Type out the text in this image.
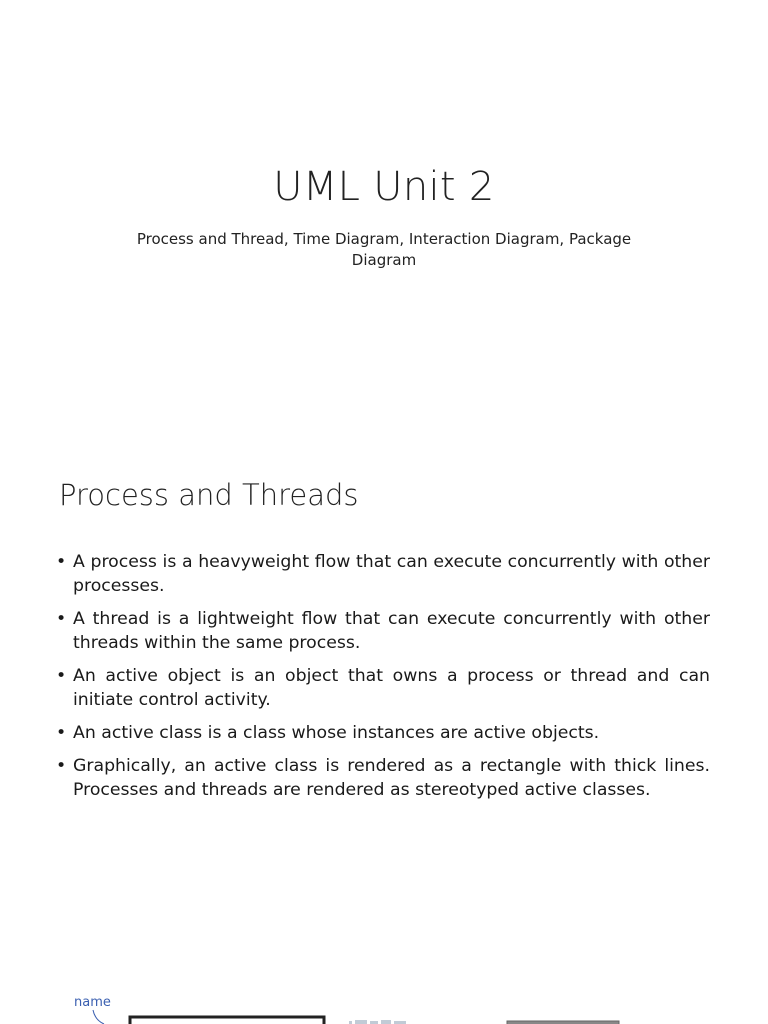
UML Unit 2
Process and Thread, Time Diagram, Interaction Diagram, Package Diagram
Process and Threads
• A process is a heavyweight flow that can execute concurrently with other processes.
• A thread is a lightweight flow that can execute concurrently with other threads within the same process.
• An active object is an object that owns a process or thread and can initiate control activity.
• An active class is a class whose instances are active objects.
• Graphically, an active class is rendered as a rectangle with thick lines. Processes and threads are rendered as stereotyped active classes.
name
